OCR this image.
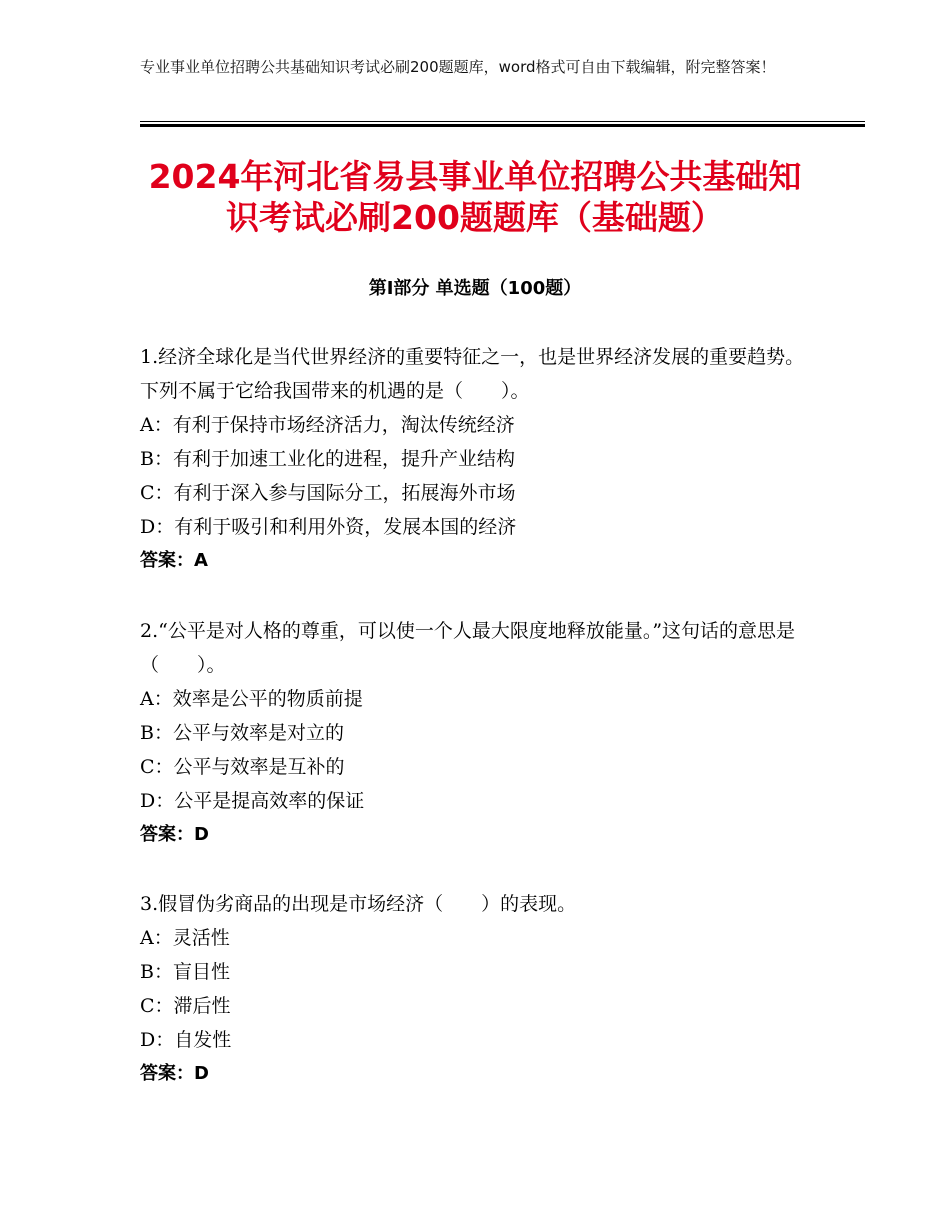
专业事业单位招聘公共基础知识考试必刷200题题库，word格式可自由下载编辑，附完整答案！
2024年河北省易县事业单位招聘公共基础知
识考试必刷200题题库（基础题）
第Ⅰ部分 单选题（100题）

1.经济全球化是当代世界经济的重要特征之一，也是世界经济发展的重要趋势。下列不属于它给我国带来的机遇的是（　　）。

A：有利于保持市场经济活力，淘汰传统经济

B：有利于加速工业化的进程，提升产业结构

C：有利于深入参与国际分工，拓展海外市场

D：有利于吸引和利用外资，发展本国的经济

答案：A

2.“公平是对人格的尊重，可以使一个人最大限度地释放能量。”这句话的意思是（　　）。

A：效率是公平的物质前提

B：公平与效率是对立的

C：公平与效率是互补的

D：公平是提高效率的保证

答案：D

3.假冒伪劣商品的出现是市场经济（　　）的表现。

A：灵活性

B：盲目性

C：滞后性

D：自发性

答案：D
